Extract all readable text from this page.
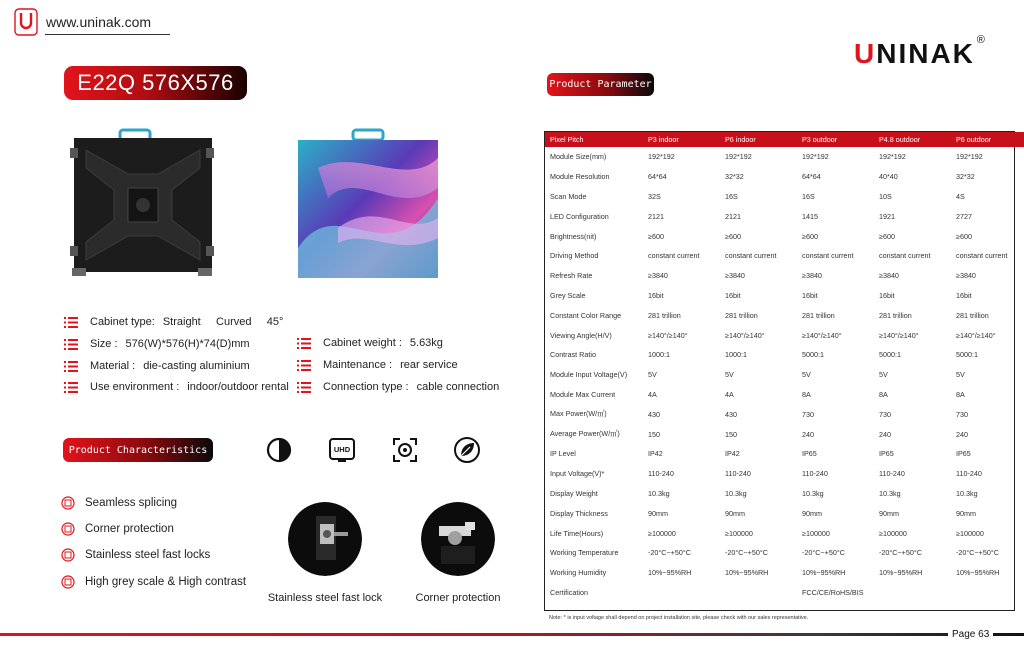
www.uninak.com
UNINAK ®
E22Q 576X576	Product Parameter
Cabinet type: Straight     Curved     45°
Size : 576(W)*576(H)*74(D)mm
Material : die-casting aluminium
Use environment : indoor/outdoor rental
Cabinet weight : 5.63kg
Maintenance : rear service
Connection type : cable connection
Product Characteristics	UHD
Seamless splicing
Corner protection
Stainless steel fast locks
High grey scale & High contrast
Stainless steel fast lock	Corner protection
Pixel Pitch	P3 indoor	P6 indoor	P3 outdoor	P4.8 outdoor	P6 outdoor
Module Size(mm)	192*192	192*192	192*192	192*192	192*192
Module Resolution	64*64	32*32	64*64	40*40	32*32
Scan Mode	32S	16S	16S	10S	4S
LED Configuration	2121	2121	1415	1921	2727
Brightness(nit)	≥600	≥600	≥600	≥600	≥600
Driving Method	constant current	constant current	constant current	constant current	constant current
Refresh Rate	≥3840	≥3840	≥3840	≥3840	≥3840
Grey Scale	16bit	16bit	16bit	16bit	16bit
Constant Color Range	281 trillion	281 trillion	281 trillion	281 trillion	281 trillion
Viewing Angle(H/V)	≥140°/≥140°	≥140°/≥140°	≥140°/≥140°	≥140°/≥140°	≥140°/≥140°
Contrast Ratio	1000:1	1000:1	5000:1	5000:1	5000:1
Module Input Voltage(V)	5V	5V	5V	5V	5V
Module Max Current	4A	4A	8A	8A	8A
Max Power(W/㎡)	430	430	730	730	730
Average Power(W/㎡)	150	150	240	240	240
IP Level	IP42	IP42	IP65	IP65	IP65
Input Voltage(V)*	110-240	110-240	110-240	110-240	110-240
Display Weight	10.3kg	10.3kg	10.3kg	10.3kg	10.3kg
Display Thickness	90mm	90mm	90mm	90mm	90mm
Life Time(Hours)	≥100000	≥100000	≥100000	≥100000	≥100000
Working Temperature	-20°C~+50°C	-20°C~+50°C	-20°C~+50°C	-20°C~+50°C	-20°C~+50°C
Working Humidity	10%~95%RH	10%~95%RH	10%~95%RH	10%~95%RH	10%~95%RH
Certification			FCC/CE/RoHS/BIS		
Note: * is input voltage shall depend on project installation site, please check with our sales representative.
Page 63
